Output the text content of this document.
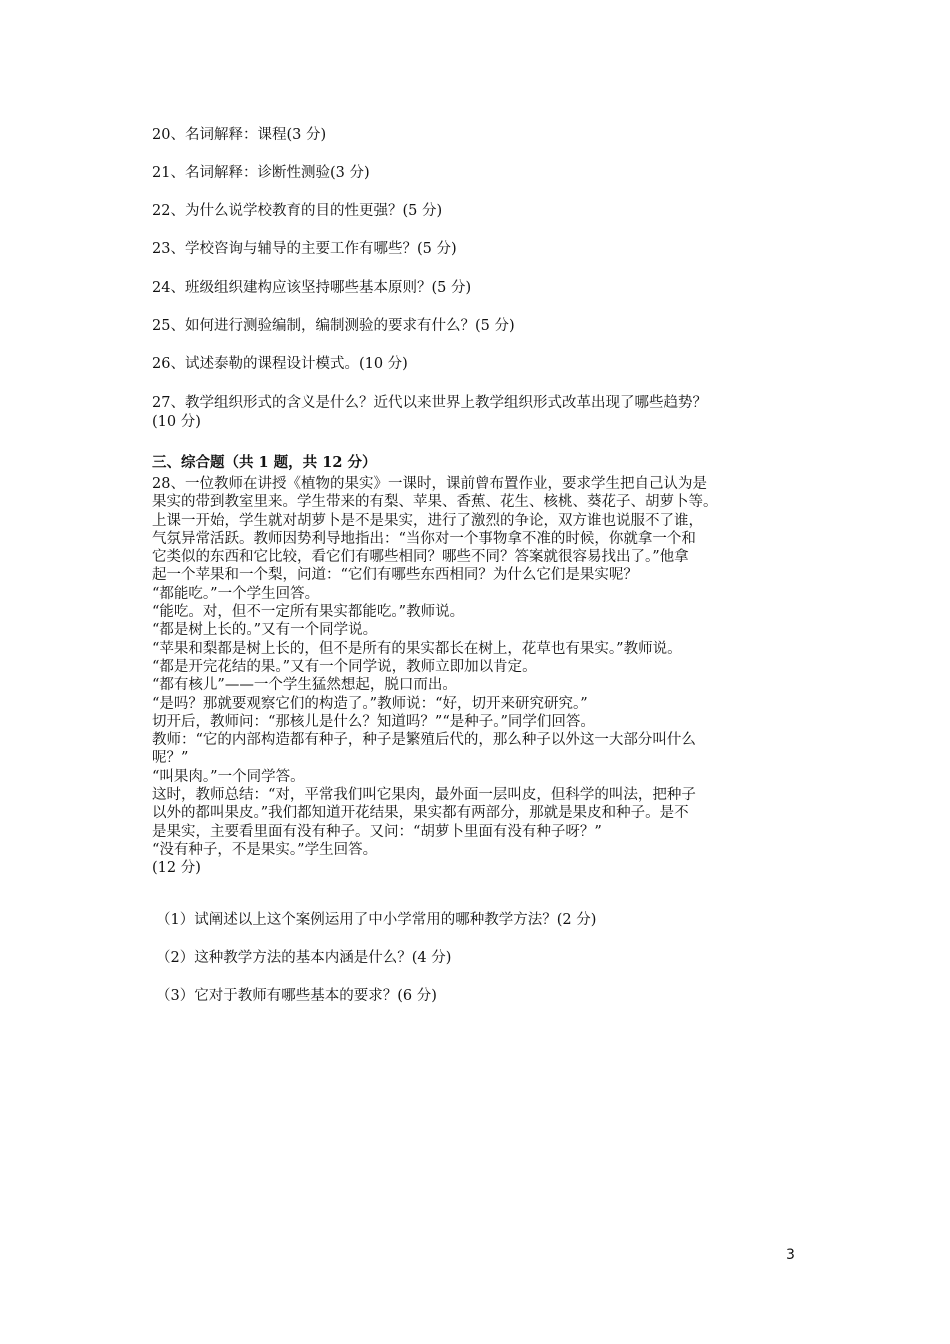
20、名词解释：课程(3 分)
21、名词解释：诊断性测验(3 分)
22、为什么说学校教育的目的性更强？(5 分)
23、学校咨询与辅导的主要工作有哪些？(5 分)
24、班级组织建构应该坚持哪些基本原则？(5 分)
25、如何进行测验编制，编制测验的要求有什么？(5 分)
26、试述泰勒的课程设计模式。(10 分)
27、教学组织形式的含义是什么？近代以来世界上教学组织形式改革出现了哪些趋势？
(10 分)
三、综合题（共 1 题，共 12 分）
28、一位教师在讲授《植物的果实》一课时，课前曾布置作业，要求学生把自己认为是
果实的带到教室里来。学生带来的有梨、苹果、香蕉、花生、核桃、葵花子、胡萝卜等。
上课一开始，学生就对胡萝卜是不是果实，进行了激烈的争论，双方谁也说服不了谁，
气氛异常活跃。教师因势利导地指出：“当你对一个事物拿不准的时候，你就拿一个和
它类似的东西和它比较，看它们有哪些相同？哪些不同？答案就很容易找出了。”他拿
起一个苹果和一个梨，问道：“它们有哪些东西相同？为什么它们是果实呢？
“都能吃。”一个学生回答。
“能吃。对，但不一定所有果实都能吃。”教师说。
“都是树上长的。”又有一个同学说。
“苹果和梨都是树上长的，但不是所有的果实都长在树上，花草也有果实。”教师说。
“都是开完花结的果。”又有一个同学说，教师立即加以肯定。
“都有核儿”——一个学生猛然想起，脱口而出。
“是吗？那就要观察它们的构造了。”教师说：“好，切开来研究研究。”
切开后，教师问：“那核儿是什么？知道吗？”“是种子。”同学们回答。
教师：“它的内部构造都有种子，种子是繁殖后代的，那么种子以外这一大部分叫什么
呢？”
“叫果肉。”一个同学答。
这时，教师总结：“对，平常我们叫它果肉，最外面一层叫皮，但科学的叫法，把种子
以外的都叫果皮。”我们都知道开花结果，果实都有两部分，那就是果皮和种子。是不
是果实，主要看里面有没有种子。又问：“胡萝卜里面有没有种子呀？”
“没有种子，不是果实。”学生回答。
(12 分)
（1）试阐述以上这个案例运用了中小学常用的哪种教学方法？(2 分)
（2）这种教学方法的基本内涵是什么？(4 分)
（3）它对于教师有哪些基本的要求？(6 分)
3
